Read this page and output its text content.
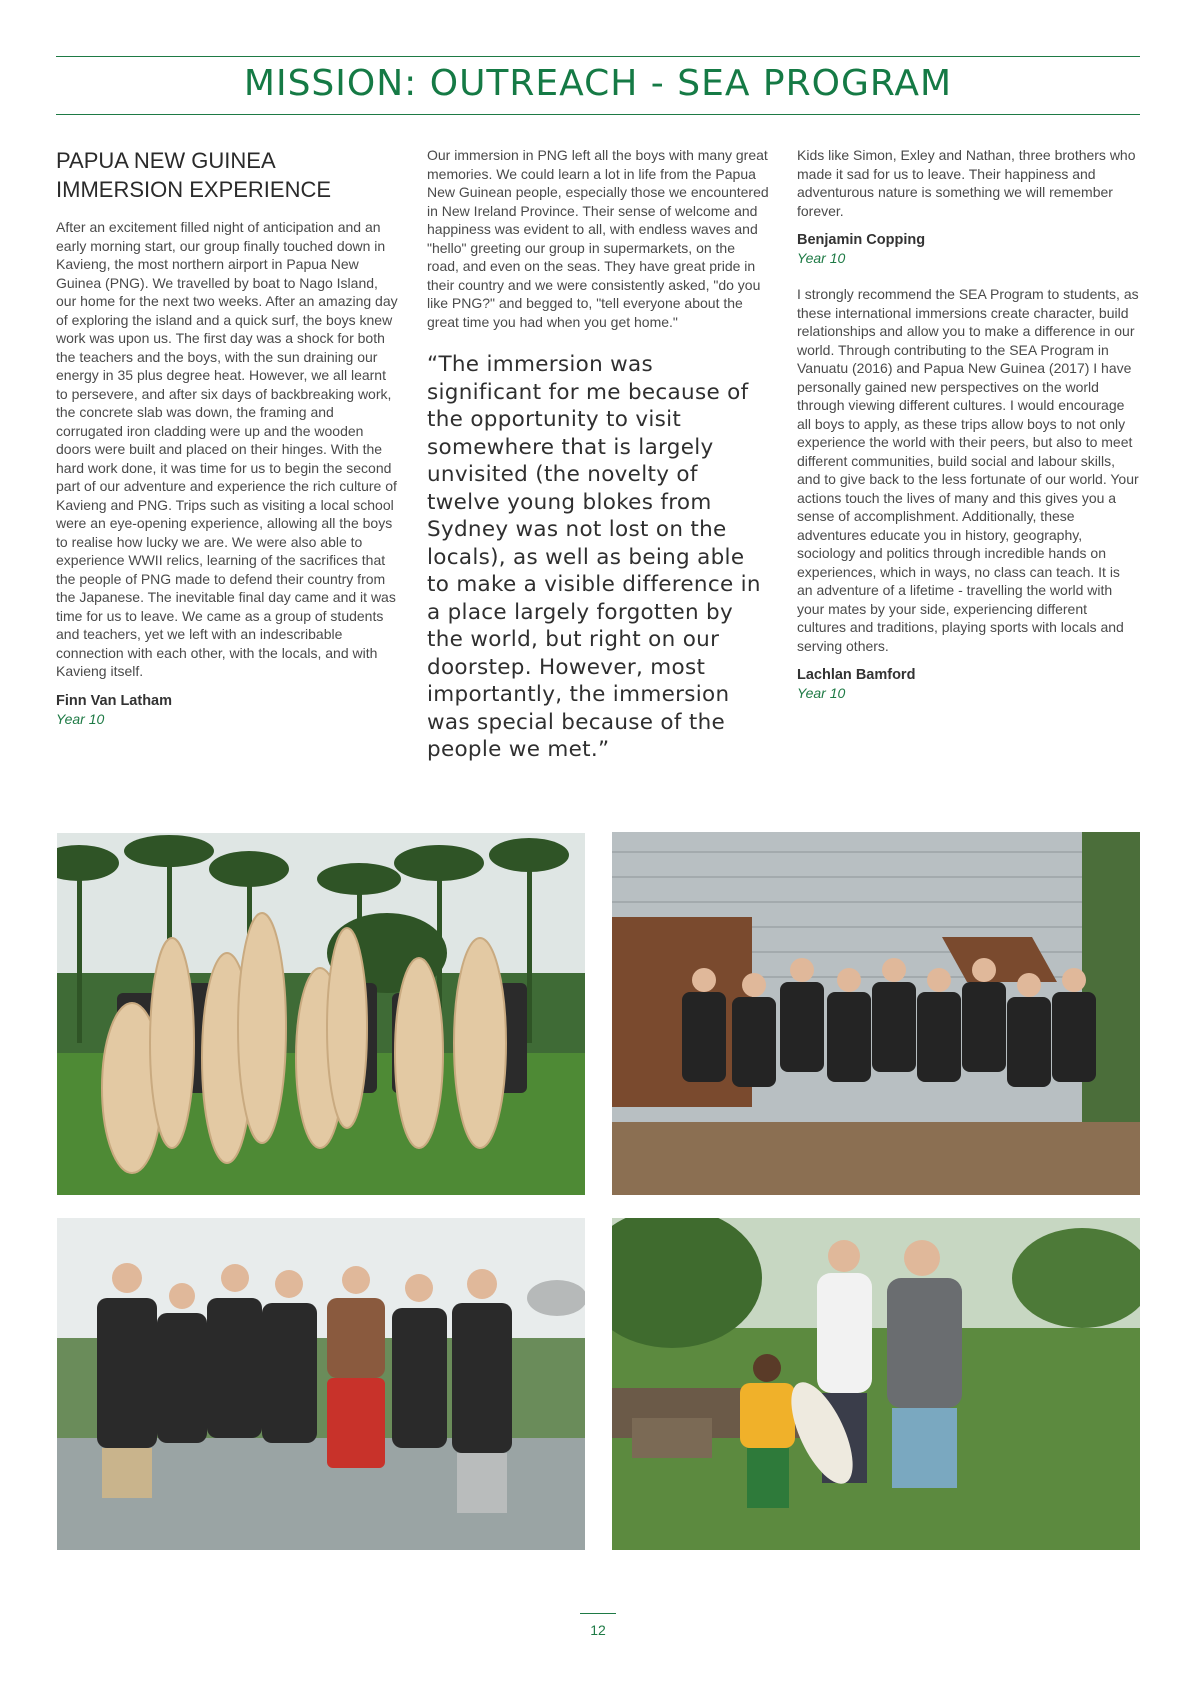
MISSION: OUTREACH - SEA PROGRAM
PAPUA NEW GUINEA IMMERSION EXPERIENCE

After an excitement filled night of anticipation and an early morning start, our group finally touched down in Kavieng, the most northern airport in Papua New Guinea (PNG). We travelled by boat to Nago Island, our home for the next two weeks. After an amazing day of exploring the island and a quick surf, the boys knew work was upon us. The first day was a shock for both the teachers and the boys, with the sun draining our energy in 35 plus degree heat. However, we all learnt to persevere, and after six days of backbreaking work, the concrete slab was down, the framing and corrugated iron cladding were up and the wooden doors were built and placed on their hinges. With the hard work done, it was time for us to begin the second part of our adventure and experience the rich culture of Kavieng and PNG. Trips such as visiting a local school were an eye-opening experience, allowing all the boys to realise how lucky we are. We were also able to experience WWII relics, learning of the sacrifices that the people of PNG made to defend their country from the Japanese. The inevitable final day came and it was time for us to leave. We came as a group of students and teachers, yet we left with an indescribable connection with each other, with the locals, and with Kavieng itself.

Finn Van Latham
Year 10

Our immersion in PNG left all the boys with many great memories. We could learn a lot in life from the Papua New Guinean people, especially those we encountered in New Ireland Province. Their sense of welcome and happiness was evident to all, with endless waves and "hello" greeting our group in supermarkets, on the road, and even on the seas. They have great pride in their country and we were consistently asked, "do you like PNG?" and begged to, "tell everyone about the great time you had when you get home."

“The immersion was significant for me because of the opportunity to visit somewhere that is largely unvisited (the novelty of twelve young blokes from Sydney was not lost on the locals), as well as being able to make a visible difference in a place largely forgotten by the world, but right on our doorstep. However, most importantly, the immersion was special because of the people we met.”

Kids like Simon, Exley and Nathan, three brothers who made it sad for us to leave. Their happiness and adventurous nature is something we will remember forever.

Benjamin Copping
Year 10

I strongly recommend the SEA Program to students, as these international immersions create character, build relationships and allow you to make a difference in our world. Through contributing to the SEA Program in Vanuatu (2016) and Papua New Guinea (2017) I have personally gained new perspectives on the world through viewing different cultures. I would encourage all boys to apply, as these trips allow boys to not only experience the world with their peers, but also to meet different communities, build social and labour skills, and to give back to the less fortunate of our world. Your actions touch the lives of many and this gives you a sense of accomplishment. Additionally, these adventures educate you in history, geography, sociology and politics through incredible hands on experiences, which in ways, no class can teach. It is an adventure of a lifetime - travelling the world with your mates by your side, experiencing different cultures and traditions, playing sports with locals and serving others.

Lachlan Bamford
Year 10
12
